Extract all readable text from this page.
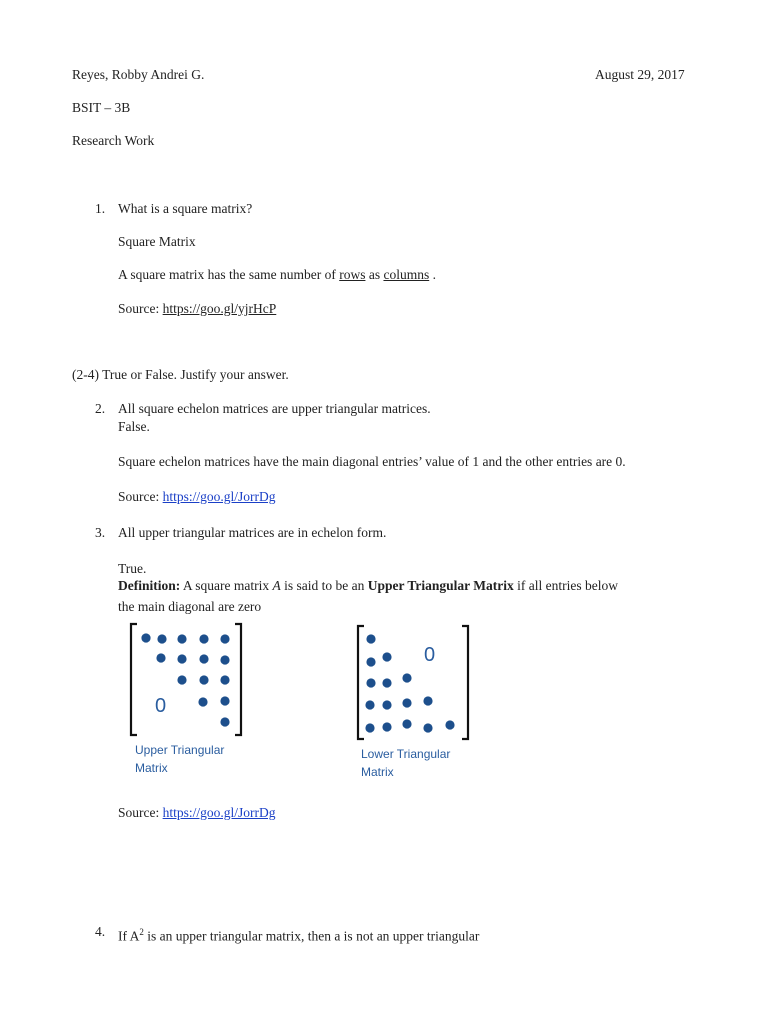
Reyes, Robby Andrei G.	August 29, 2017
BSIT – 3B
Research Work
1. What is a square matrix?
Square Matrix
A square matrix has the same number of rows as columns .
Source: https://goo.gl/yjrHcP
(2-4) True or False. Justify your answer.
2. All square echelon matrices are upper triangular matrices.
False.
Square echelon matrices have the main diagonal entries’ value of 1 and the other entries are 0.
Source: https://goo.gl/JorrDg
3. All upper triangular matrices are in echelon form.
True.
Definition: A square matrix A is said to be an Upper Triangular Matrix if all entries below
the main diagonal are zero
0
Upper Triangular
Matrix
0
Lower Triangular
Matrix
Source: https://goo.gl/JorrDg
4. If $A^2$ is an upper triangular matrix, then a is not an upper triangular
